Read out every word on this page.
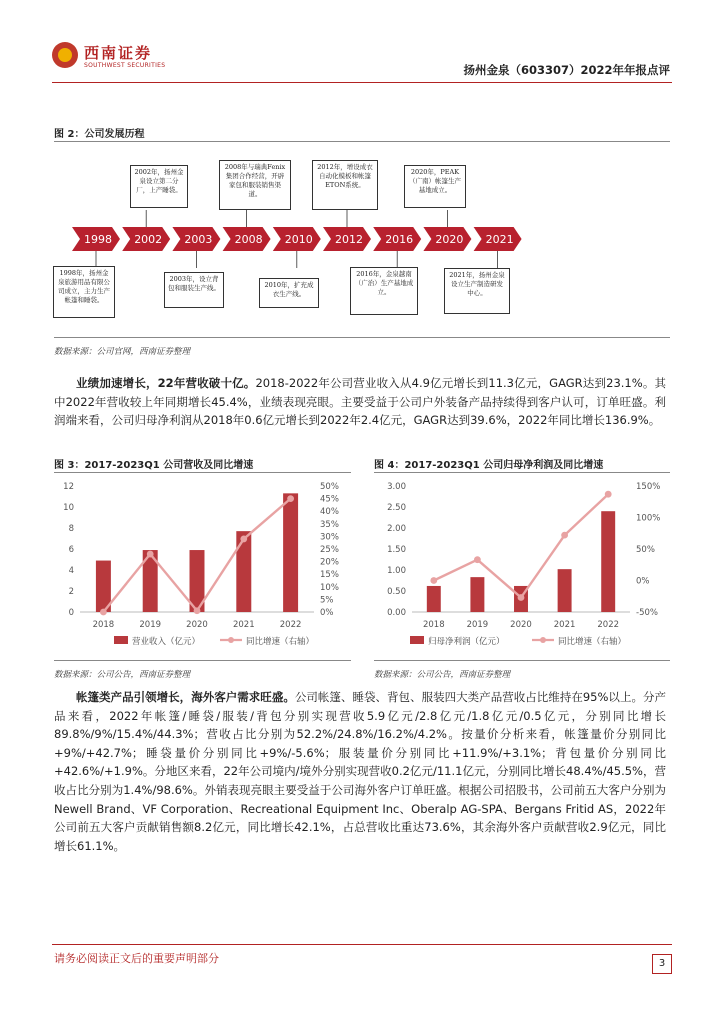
西南证券
SOUTHWEST SECURITIES	扬州金泉（603307）2022年年报点评
图 2：公司发展历程
1998 2002 2003 2008 2010 2012 2016 2020 2021
2002年，扬州金泉设立第二分厂，上产睡袋。
2008年与瑞典Fenix集团合作经营，开辟家包和服装销售渠道。
2012年，增设成衣自动化模板和帐篷ETON系统。
2020年，PEAK（广南）帐篷生产基地成立。
1998年，扬州金泉旅游用品有限公司成立，主力生产帐篷和睡袋。
2003年，设立背包和服装生产线。	2010年，扩充成衣生产线。
2016年，金泉越南（广治）生产基地成立。
2021年，扬州金泉设立生产制造研发中心。
数据来源：公司官网，西南证券整理
业绩加速增长，22年营收破十亿。2018-2022年公司营业收入从4.9亿元增长到11.3亿元，GAGR达到23.1%。其中2022年营收较上年同期增长45.4%，业绩表现亮眼。主要受益于公司户外装备产品持续得到客户认可，订单旺盛。利润端来看，公司归母净利润从2018年0.6亿元增长到2022年2.4亿元，GAGR达到39.6%，2022年同比增长136.9%。
图 3：2017-2023Q1 公司营收及同比增速
0
2
4
6
8
10
12
0%
5%
10%
15%
20%
25%
30%
35%
40%
45%
50%
2018	2019	2020	2021	2022
营业收入（亿元）	同比增速（右轴）
数据来源：公司公告，西南证券整理
图 4：2017-2023Q1 公司归母净利润及同比增速
0.00
0.50
1.00
1.50
2.00
2.50
3.00
-50%
0%
50%
100%
150%
2018	2019	2020	2021	2022
归母净利润（亿元）	同比增速（右轴）
数据来源：公司公告，西南证券整理
帐篷类产品引领增长，海外客户需求旺盛。公司帐篷、睡袋、背包、服装四大类产品营收占比维持在95%以上。分产品来看，2022年帐篷/睡袋/服装/背包分别实现营收5.9亿元/2.8亿元/1.8亿元/0.5亿元，分别同比增长89.8%/9%/15.4%/44.3%；营收占比分别为52.2%/24.8%/16.2%/4.2%。按量价分析来看，帐篷量价分别同比+9%/+42.7%；睡袋量价分别同比+9%/-5.6%；服装量价分别同比+11.9%/+3.1%；背包量价分别同比+42.6%/+1.9%。分地区来看，22年公司境内/境外分别实现营收0.2亿元/11.1亿元，分别同比增长48.4%/45.5%，营收占比分别为1.4%/98.6%。外销表现亮眼主要受益于公司海外客户订单旺盛。根据公司招股书，公司前五大客户分别为Newell Brand、VF Corporation、Recreational Equipment Inc、Oberalp AG-SPA、Bergans Fritid AS，2022年公司前五大客户贡献销售额8.2亿元，同比增长42.1%，占总营收比重达73.6%，其余海外客户贡献营收2.9亿元，同比增长61.1%。
请务必阅读正文后的重要声明部分	3
